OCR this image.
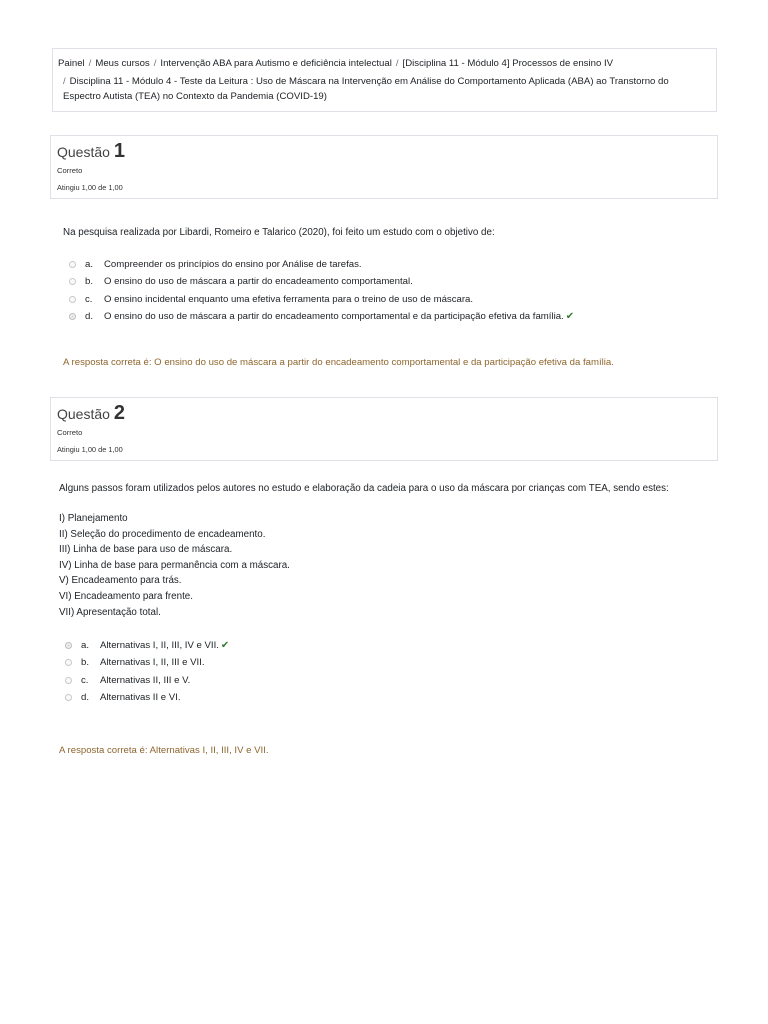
Painel / Meus cursos / Intervenção ABA para Autismo e deficiência intelectual / [Disciplina 11 - Módulo 4] Processos de ensino IV
/ Disciplina 11 - Módulo 4 - Teste da Leitura : Uso de Máscara na Intervenção em Análise do Comportamento Aplicada (ABA) ao Transtorno do Espectro Autista (TEA) no Contexto da Pandemia (COVID-19)
Questão 1
Correto
Atingiu 1,00 de 1,00
Na pesquisa realizada por Libardi, Romeiro e Talarico (2020), foi feito um estudo com o objetivo de:
a.	Compreender os princípios do ensino por Análise de tarefas.
b.	O ensino do uso de máscara a partir do encadeamento comportamental.
c.	O ensino incidental enquanto uma efetiva ferramenta para o treino de uso de máscara.
d.	O ensino do uso de máscara a partir do encadeamento comportamental e da participação efetiva da família. ✔
A resposta correta é: O ensino do uso de máscara a partir do encadeamento comportamental e da participação efetiva da família.
Questão 2
Correto
Atingiu 1,00 de 1,00
Alguns passos foram utilizados pelos autores no estudo e elaboração da cadeia para o uso da máscara por crianças com TEA, sendo estes:
I) Planejamento
II) Seleção do procedimento de encadeamento.
III) Linha de base para uso de máscara.
IV) Linha de base para permanência com a máscara.
V) Encadeamento para trás.
VI) Encadeamento para frente.
VII) Apresentação total.
a.	Alternativas I, II, III, IV e VII. ✔
b.	Alternativas I, II, III e VII.
c.	Alternativas II, III e V.
d.	Alternativas II e VI.
A resposta correta é: Alternativas I, II, III, IV e VII.
